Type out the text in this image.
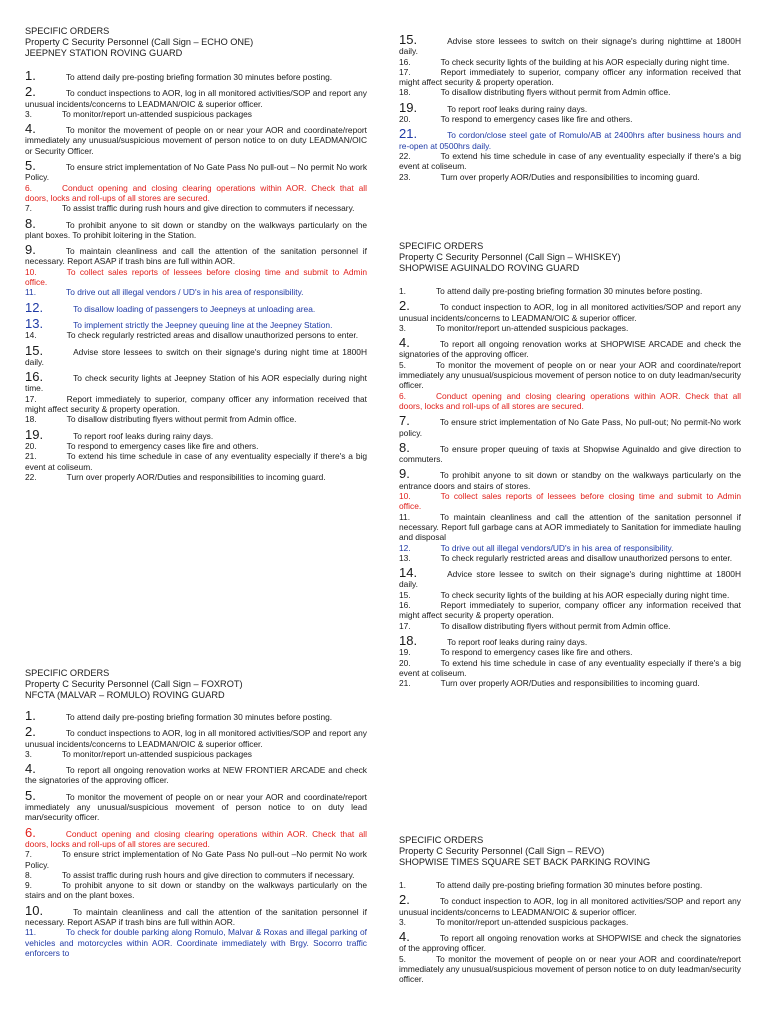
SPECIFIC ORDERS
Property C Security Personnel (Call Sign – ECHO ONE)
JEEPNEY STATION ROVING GUARD

1.	To attend daily pre-posting briefing formation 30 minutes before posting.

2.	To conduct inspections to AOR, log in all monitored activities/SOP and report any unusual incidents/concerns to LEADMAN/OIC & superior officer.

3.	To monitor/report un-attended suspicious packages

4.	To monitor the movement of people on or near your AOR and coordinate/report immediately any unusual/suspicious movement of person notice to on duty LEADMAN/OIC or Security Officer.

5.	To ensure strict implementation of No Gate Pass No pull-out – No permit No work Policy.

6.	Conduct opening and closing clearing operations within AOR. Check that all doors, locks and roll-ups of all stores are secured.

7.	To assist traffic during rush hours and give direction to commuters if necessary.

8.	To prohibit anyone to sit down or standby on the walkways particularly on the plant boxes. To prohibit loitering in the Station.

9.	To maintain cleanliness and call the attention of the sanitation personnel if necessary. Report ASAP if trash bins are full within AOR.

10.	To collect sales reports of lessees before closing time and submit to Admin office.

11.	To drive out all illegal vendors / UD's in his area of responsibility.

12.	To disallow loading of passengers to Jeepneys at unloading area.

13.	To implement strictly the Jeepney queuing line at the Jeepney Station.

14.	To check regularly restricted areas and disallow unauthorized persons to enter.

15.	Advise store lessees to switch on their signage's during night time at 1800H daily.

16.	To check security lights at Jeepney Station of his AOR especially during night time.

17.	Report immediately to superior, company officer any information received that might affect security & property operation.

18.	To disallow distributing flyers without permit from Admin office.

19.	To report roof leaks during rainy days.

20.	To respond to emergency cases like fire and others.

21.	To extend his time schedule in case of any eventuality especially if there's a big event at coliseum.

22.	Turn over properly AOR/Duties and responsibilities to incoming guard.

SPECIFIC ORDERS
Property C Security Personnel (Call Sign – FOXROT)
NFCTA (MALVAR – ROMULO) ROVING GUARD

1.	To attend daily pre-posting briefing formation 30 minutes before posting.

2.	To conduct inspections to AOR, log in all monitored activities/SOP and report any unusual incidents/concerns to LEADMAN/OIC & superior officer.

3.	To monitor/report un-attended suspicious packages

4.	To report all ongoing renovation works at NEW FRONTIER ARCADE and check the signatories of the approving officer.

5.	To monitor the movement of people on or near your AOR and coordinate/report immediately any unusual/suspicious movement of person notice to on duty lead man/security officer.

6.	Conduct opening and closing clearing operations within AOR. Check that all doors, locks and roll-ups of all stores are secured.

7.	To ensure strict implementation of No Gate Pass No pull-out –No permit No work Policy.

8.	To assist traffic during rush hours and give direction to commuters if necessary.

9.	To prohibit anyone to sit down or standby on the walkways particularly on the stairs and on the plant boxes.

10.	To maintain cleanliness and call the attention of the sanitation personnel if necessary. Report ASAP if trash bins are full within AOR.

11.	To check for double parking along Romulo, Malvar & Roxas and illegal parking of vehicles and motorcycles within AOR. Coordinate immediately with Brgy. Socorro traffic enforcers to

15.	Advise store lessees to switch on their signage's during nighttime at 1800H daily.

16.	To check security lights of the building at his AOR especially during night time.

17.	Report immediately to superior, company officer any information received that might affect security & property operation.

18.	To disallow distributing flyers without permit from Admin office.

19.	To report roof leaks during rainy days.

20.	To respond to emergency cases like fire and others.

21.	To cordon/close steel gate of Romulo/AB at 2400hrs after business hours and re-open at 0500hrs daily.

22.	To extend his time schedule in case of any eventuality especially if there's a big event at coliseum.

23.	Turn over properly AOR/Duties and responsibilities to incoming guard.

SPECIFIC ORDERS
Property C Security Personnel (Call Sign – WHISKEY)
SHOPWISE AGUINALDO ROVING GUARD

1.	To attend daily pre-posting briefing formation 30 minutes before posting.

2.	To conduct inspection to AOR, log in all monitored activities/SOP and report any unusual incidents/concerns to LEADMAN/OIC & superior officer.

3.	To monitor/report un-attended suspicious packages.

4.	To report all ongoing renovation works at SHOPWISE ARCADE and check the signatories of the approving officer.

5.	To monitor the movement of people on or near your AOR and coordinate/report immediately any unusual/suspicious movement of person notice to on duty leadman/security officer.

6.	Conduct opening and closing clearing operations within AOR. Check that all doors, locks and roll-ups of all stores are secured.

7.	To ensure strict implementation of No Gate Pass, No pull-out; No permit-No work policy.

8.	To ensure proper queuing of taxis at Shopwise Aguinaldo and give direction to commuters.

9.	To prohibit anyone to sit down or standby on the walkways particularly on the entrance doors and stairs of stores.

10.	To collect sales reports of lessees before closing time and submit to Admin office.

11.	To maintain cleanliness and call the attention of the sanitation personnel if necessary. Report full garbage cans at AOR immediately to Sanitation for immediate hauling and disposal

12.	To drive out all illegal vendors/UD's in his area of responsibility.

13.	To check regularly restricted areas and disallow unauthorized persons to enter.

14.	Advice store lessee to switch on their signage's during nighttime at 1800H daily.

15.	To check security lights of the building at his AOR especially during night time.

16.	Report immediately to superior, company officer any information received that might affect security & property operation.

17.	To disallow distributing flyers without permit from Admin office.

18.	To report roof leaks during rainy days.

19.	To respond to emergency cases like fire and others.

20.	To extend his time schedule in case of any eventuality especially if there's a big event at coliseum.

21.	Turn over properly AOR/Duties and responsibilities to incoming guard.

SPECIFIC ORDERS
Property C Security Personnel (Call Sign – REVO)
SHOPWISE TIMES SQUARE SET BACK PARKING ROVING

1.	To attend daily pre-posting briefing formation 30 minutes before posting.

2.	To conduct inspection to AOR, log in all monitored activities/SOP and report any unusual incidents/concerns to LEADMAN/OIC & superior officer.

3.	To monitor/report un-attended suspicious packages.

4.	To report all ongoing renovation works at SHOPWISE and check the signatories of the approving officer.

5.	To monitor the movement of people on or near your AOR and coordinate/report immediately any unusual/suspicious movement of person notice to on duty leadman/security officer.
